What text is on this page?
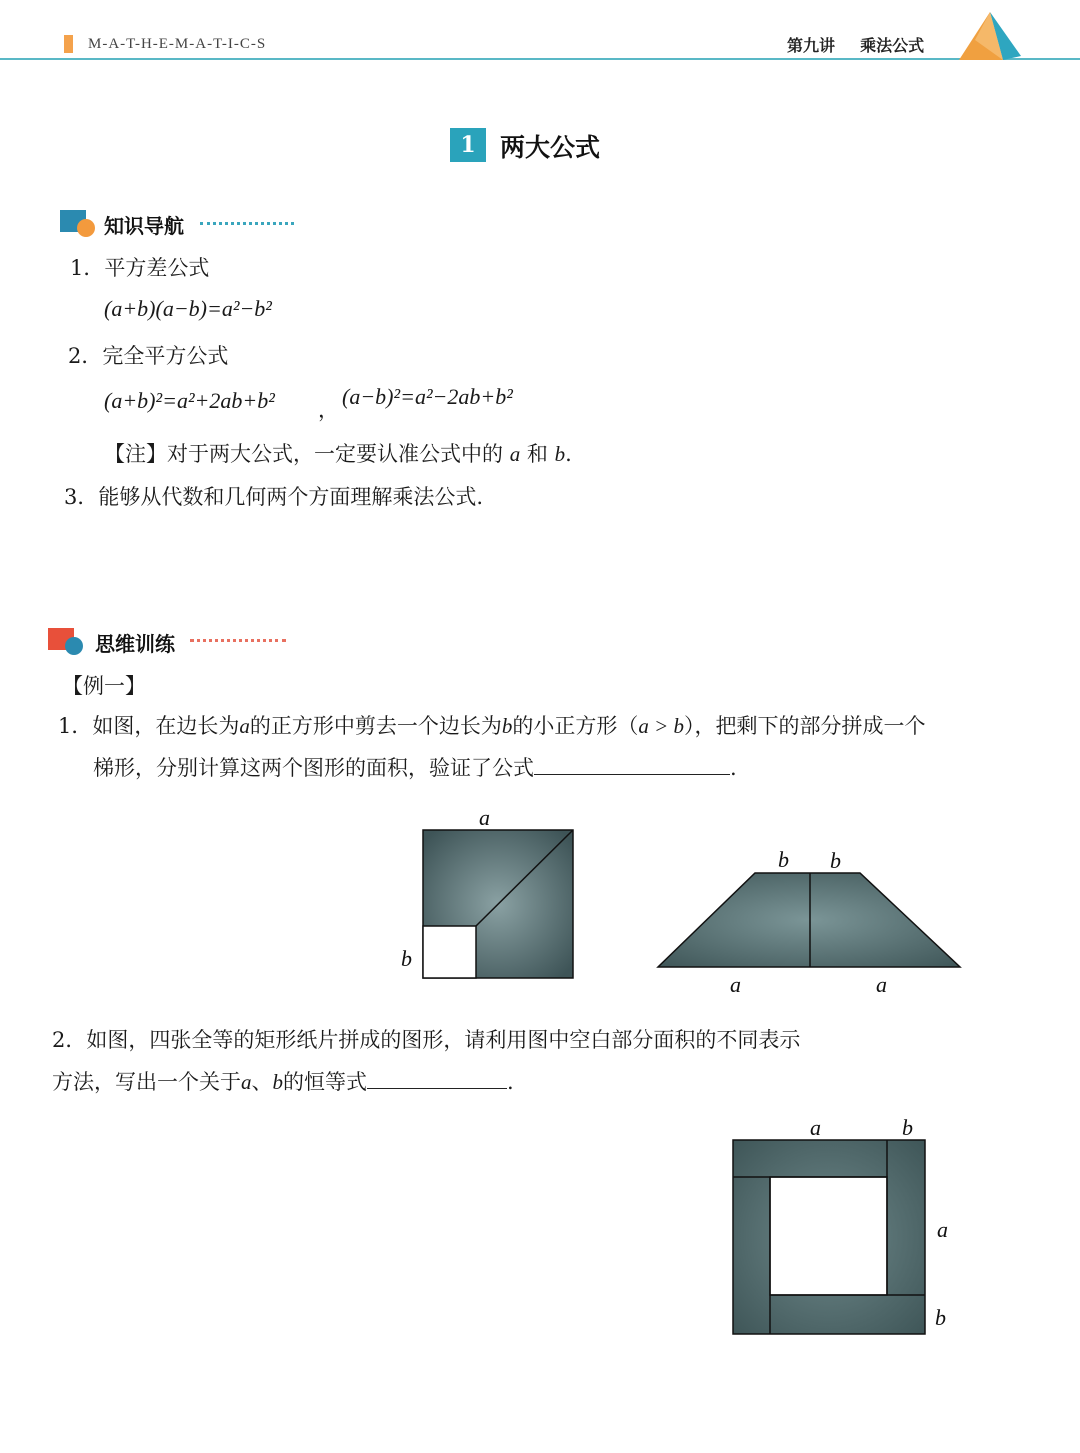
M-A-T-H-E-M-A-T-I-C-S	第九讲 乘法公式
1 两大公式
知识导航
1．平方差公式
(a+b)(a−b)=a²−b²
2．完全平方公式
(a+b)²=a²+2ab+b² ，
(a−b)²=a²−2ab+b²
【注】对于两大公式，一定要认准公式中的 a 和 b.
3．能够从代数和几何两个方面理解乘法公式.
思维训练
【例一】
1．如图，在边长为a的正方形中剪去一个边长为b的小正方形（a > b），把剩下的部分拼成一个
梯形，分别计算这两个图形的面积，验证了公式	.
a
b
b b
a	a
2．如图，四张全等的矩形纸片拼成的图形，请利用图中空白部分面积的不同表示
方法，写出一个关于a、b的恒等式	.
a	b
a
b
